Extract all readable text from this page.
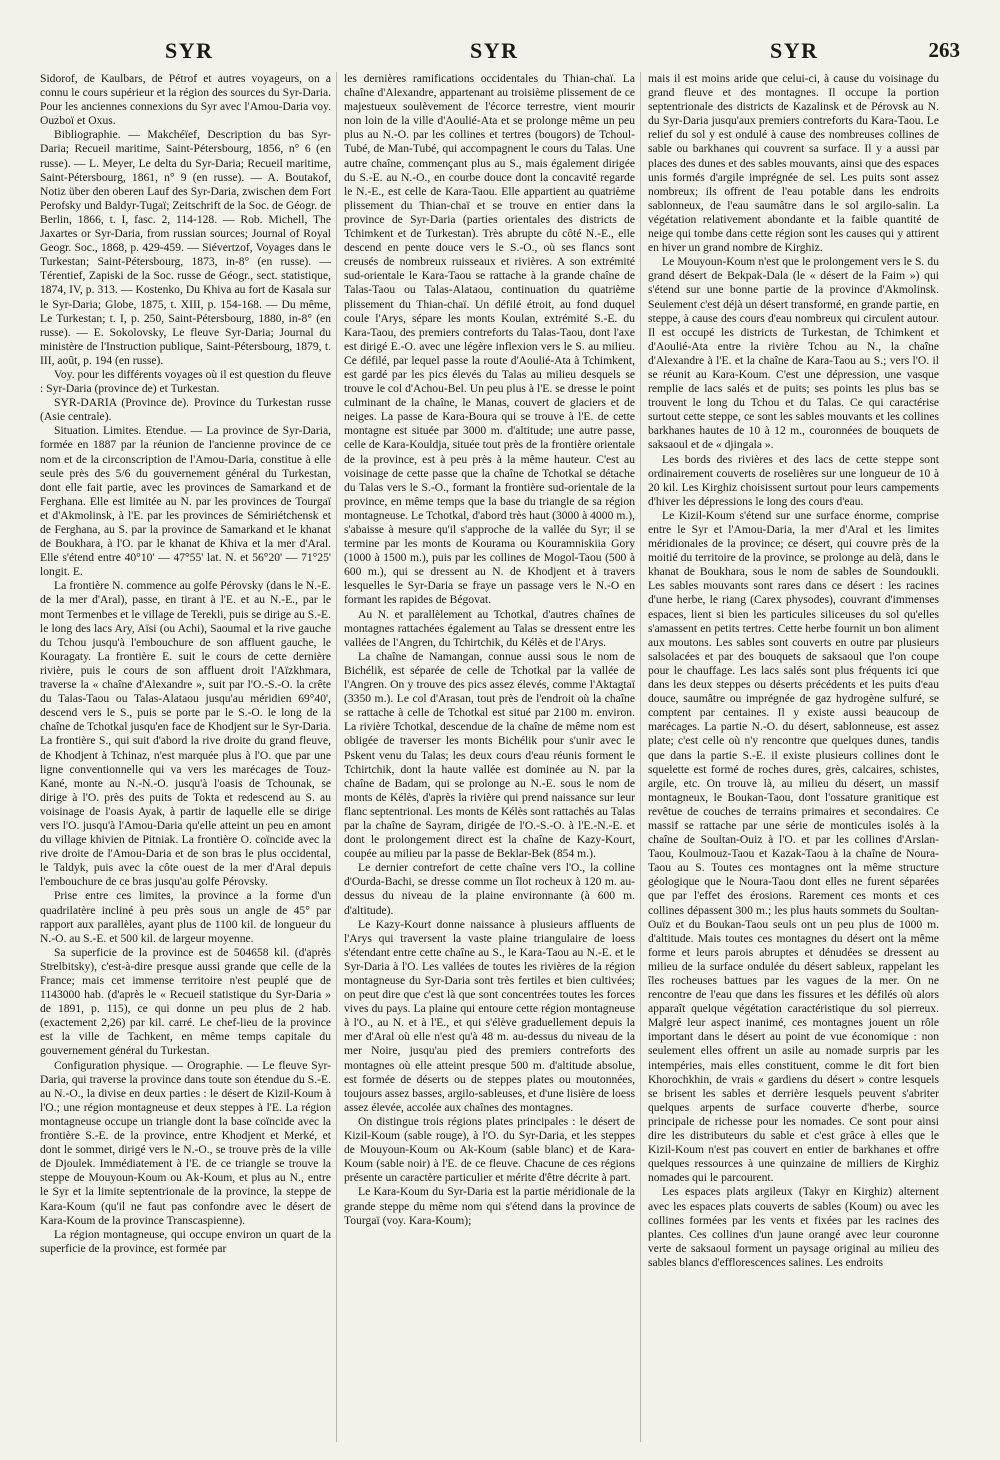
SYR	SYR	SYR	263

Sidorof, de Kaulbars, de Pétrof et autres voyageurs, on a connu le cours supérieur et la région des sources du Syr-Daria. Pour les anciennes connexions du Syr avec l'Amou-Daria voy. Ouzboï et Oxus.

Bibliographie. — Makchéïef, Description du bas Syr-Daria; Recueil maritime, Saint-Pétersbourg, 1856, n° 6 (en russe). — L. Meyer, Le delta du Syr-Daria; Recueil maritime, Saint-Pétersbourg, 1861, n° 9 (en russe). — A. Boutakof, Notiz über den oberen Lauf des Syr-Daria, zwischen dem Fort Perofsky und Baldyr-Tugaï; Zeitschrift de la Soc. de Géogr. de Berlin, 1866, t. I, fasc. 2, 114-128. — Rob. Michell, The Jaxartes or Syr-Daria, from russian sources; Journal of Royal Geogr. Soc., 1868, p. 429-459. — Siévertzof, Voyages dans le Turkestan; Saint-Pétersbourg, 1873, in-8° (en russe). — Térentief, Zapiski de la Soc. russe de Géogr., sect. statistique, 1874, IV, p. 313. — Kostenko, Du Khiva au fort de Kasala sur le Syr-Daria; Globe, 1875, t. XIII, p. 154-168. — Du même, Le Turkestan; t. I, p. 250, Saint-Pétersbourg, 1880, in-8° (en russe). — E. Sokolovsky, Le fleuve Syr-Daria; Journal du ministère de l'Instruction publique, Saint-Pétersbourg, 1879, t. III, août, p. 194 (en russe).

Voy. pour les différents voyages où il est question du fleuve : Syr-Daria (province de) et Turkestan.

SYR-DARIA (Province de). Province du Turkestan russe (Asie centrale).

Situation. Limites. Etendue. — La province de Syr-Daria, formée en 1887 par la réunion de l'ancienne province de ce nom et de la circonscription de l'Amou-Daria, constitue à elle seule près des 5/6 du gouvernement général du Turkestan, dont elle fait partie, avec les provinces de Samarkand et de Ferghana. Elle est limitée au N. par les provinces de Tourgaï et d'Akmolinsk, à l'E. par les provinces de Sémiriétchensk et de Ferghana, au S. par la province de Samarkand et le khanat de Boukhara, à l'O. par le khanat de Khiva et la mer d'Aral. Elle s'étend entre 40°10' — 47°55' lat. N. et 56°20' — 71°25' longit. E.

La frontière N. commence au golfe Pérovsky (dans le N.-E. de la mer d'Aral), passe, en tirant à l'E. et au N.-E., par le mont Termenbes et le village de Terekli, puis se dirige au S.-E. le long des lacs Ary, Aïsi (ou Achi), Saoumal et la rive gauche du Tchou jusqu'à l'embouchure de son affluent gauche, le Kouragaty. La frontière E. suit le cours de cette dernière rivière, puis le cours de son affluent droit l'Aïzkhmara, traverse la « chaîne d'Alexandre », suit par l'O.-S.-O. la crête du Talas-Taou ou Talas-Alataou jusqu'au méridien 69°40', descend vers le S., puis se porte par le S.-O. le long de la chaîne de Tchotkal jusqu'en face de Khodjent sur le Syr-Daria. La frontière S., qui suit d'abord la rive droite du grand fleuve, de Khodjent à Tchinaz, n'est marquée plus à l'O. que par une ligne conventionnelle qui va vers les marécages de Touz-Kané, monte au N.-N.-O. jusqu'à l'oasis de Tchounak, se dirige à l'O. près des puits de Tokta et redescend au S. au voisinage de l'oasis Ayak, à partir de laquelle elle se dirige vers l'O. jusqu'à l'Amou-Daria qu'elle atteint un peu en amont du village khivien de Pitniak. La frontière O. coïncide avec la rive droite de l'Amou-Daria et de son bras le plus occidental, le Taldyk, puis avec la côte ouest de la mer d'Aral depuis l'embouchure de ce bras jusqu'au golfe Pérovsky.

Prise entre ces limites, la province a la forme d'un quadrilatère incliné à peu près sous un angle de 45° par rapport aux parallèles, ayant plus de 1100 kil. de longueur du N.-O. au S.-E. et 500 kil. de largeur moyenne.

Sa superficie de la province est de 504658 kil. (d'après Strelbitsky), c'est-à-dire presque aussi grande que celle de la France; mais cet immense territoire n'est peuplé que de 1143000 hab. (d'après le « Recueil statistique du Syr-Daria » de 1891, p. 115), ce qui donne un peu plus de 2 hab. (exactement 2,26) par kil. carré. Le chef-lieu de la province est la ville de Tachkent, en même temps capitale du gouvernement général du Turkestan.

Configuration physique. — Orographie. — Le fleuve Syr-Daria, qui traverse la province dans toute son étendue du S.-E. au N.-O., la divise en deux parties : le désert de Kizil-Koum à l'O.; une région montagneuse et deux steppes à l'E. La région montagneuse occupe un triangle dont la base coïncide avec la frontière S.-E. de la province, entre Khodjent et Merké, et dont le sommet, dirigé vers le N.-O., se trouve près de la ville de Djoulek. Immédiatement à l'E. de ce triangle se trouve la steppe de Mouyoun-Koum ou Ak-Koum, et plus au N., entre le Syr et la limite septentrionale de la province, la steppe de Kara-Koum (qu'il ne faut pas confondre avec le désert de Kara-Koum de la province Transcaspienne).

La région montagneuse, qui occupe environ un quart de la superficie de la province, est formée par

les dernières ramifications occidentales du Thian-chaï. La chaîne d'Alexandre, appartenant au troisième plissement de ce majestueux soulèvement de l'écorce terrestre, vient mourir non loin de la ville d'Aoulié-Ata et se prolonge même un peu plus au N.-O. par les collines et tertres (bougors) de Tchoul-Tubé, de Man-Tubé, qui accompagnent le cours du Talas. Une autre chaîne, commençant plus au S., mais également dirigée du S.-E. au N.-O., en courbe douce dont la concavité regarde le N.-E., est celle de Kara-Taou. Elle appartient au quatrième plissement du Thian-chaï et se trouve en entier dans la province de Syr-Daria (parties orientales des districts de Tchimkent et de Turkestan). Très abrupte du côté N.-E., elle descend en pente douce vers le S.-O., où ses flancs sont creusés de nombreux ruisseaux et rivières. A son extrémité sud-orientale le Kara-Taou se rattache à la grande chaîne de Talas-Taou ou Talas-Alataou, continuation du quatrième plissement du Thian-chaï. Un défilé étroit, au fond duquel coule l'Arys, sépare les monts Koulan, extrémité S.-E. du Kara-Taou, des premiers contreforts du Talas-Taou, dont l'axe est dirigé E.-O. avec une légère inflexion vers le S. au milieu. Ce défilé, par lequel passe la route d'Aoulié-Ata à Tchimkent, est gardé par les pics élevés du Talas au milieu desquels se trouve le col d'Achou-Bel. Un peu plus à l'E. se dresse le point culminant de la chaîne, le Manas, couvert de glaciers et de neiges. La passe de Kara-Boura qui se trouve à l'E. de cette montagne est située par 3000 m. d'altitude; une autre passe, celle de Kara-Kouldja, située tout près de la frontière orientale de la province, est à peu près à la même hauteur. C'est au voisinage de cette passe que la chaîne de Tchotkal se détache du Talas vers le S.-O., formant la frontière sud-orientale de la province, en même temps que la base du triangle de sa région montagneuse. Le Tchotkal, d'abord très haut (3000 à 4000 m.), s'abaisse à mesure qu'il s'approche de la vallée du Syr; il se termine par les monts de Kourama ou Kouramniskiia Gory (1000 à 1500 m.), puis par les collines de Mogol-Taou (500 à 600 m.), qui se dressent au N. de Khodjent et à travers lesquelles le Syr-Daria se fraye un passage vers le N.-O en formant les rapides de Bégovat.

Au N. et parallèlement au Tchotkal, d'autres chaînes de montagnes rattachées également au Talas se dressent entre les vallées de l'Angren, du Tchirtchik, du Kélès et de l'Arys.

La chaîne de Namangan, connue aussi sous le nom de Bichélik, est séparée de celle de Tchotkal par la vallée de l'Angren. On y trouve des pics assez élevés, comme l'Aktagtaï (3350 m.). Le col d'Arasan, tout près de l'endroit où la chaîne se rattache à celle de Tchotkal est situé par 2100 m. environ. La rivière Tchotkal, descendue de la chaîne de même nom est obligée de traverser les monts Bichélik pour s'unir avec le Pskent venu du Talas; les deux cours d'eau réunis forment le Tchirtchik, dont la haute vallée est dominée au N. par la chaîne de Badam, qui se prolonge au N.-E. sous le nom de monts de Kélès, d'après la rivière qui prend naissance sur leur flanc septentrional. Les monts de Kélès sont rattachés au Talas par la chaîne de Sayram, dirigée de l'O.-S.-O. à l'E.-N.-E. et dont le prolongement direct est la chaîne de Kazy-Kourt, coupée au milieu par la passe de Beklar-Bek (854 m.).

Le dernier contrefort de cette chaîne vers l'O., la colline d'Ourda-Bachi, se dresse comme un îlot rocheux à 120 m. au-dessus du niveau de la plaine environnante (à 600 m. d'altitude).

Le Kazy-Kourt donne naissance à plusieurs affluents de l'Arys qui traversent la vaste plaine triangulaire de loess s'étendant entre cette chaîne au S., le Kara-Taou au N.-E. et le Syr-Daria à l'O. Les vallées de toutes les rivières de la région montagneuse du Syr-Daria sont très fertiles et bien cultivées; on peut dire que c'est là que sont concentrées toutes les forces vives du pays. La plaine qui entoure cette région montagneuse à l'O., au N. et à l'E., et qui s'élève graduellement depuis la mer d'Aral où elle n'est qu'à 48 m. au-dessus du niveau de la mer Noire, jusqu'au pied des premiers contreforts des montagnes où elle atteint presque 500 m. d'altitude absolue, est formée de déserts ou de steppes plates ou moutonnées, toujours assez basses, argilo-sableuses, et d'une lisière de loess assez élevée, accolée aux chaînes des montagnes.

On distingue trois régions plates principales : le désert de Kizil-Koum (sable rouge), à l'O. du Syr-Daria, et les steppes de Mouyoun-Koum ou Ak-Koum (sable blanc) et de Kara-Koum (sable noir) à l'E. de ce fleuve. Chacune de ces régions présente un caractère particulier et mérite d'être décrite à part.

Le Kara-Koum du Syr-Daria est la partie méridionale de la grande steppe du même nom qui s'étend dans la province de Tourgaï (voy. Kara-Koum);

mais il est moins aride que celui-ci, à cause du voisinage du grand fleuve et des montagnes. Il occupe la portion septentrionale des districts de Kazalinsk et de Pérovsk au N. du Syr-Daria jusqu'aux premiers contreforts du Kara-Taou. Le relief du sol y est ondulé à cause des nombreuses collines de sable ou barkhanes qui couvrent sa surface. Il y a aussi par places des dunes et des sables mouvants, ainsi que des espaces unis formés d'argile imprégnée de sel. Les puits sont assez nombreux; ils offrent de l'eau potable dans les endroits sablonneux, de l'eau saumâtre dans le sol argilo-salin. La végétation relativement abondante et la faible quantité de neige qui tombe dans cette région sont les causes qui y attirent en hiver un grand nombre de Kirghiz.

Le Mouyoun-Koum n'est que le prolongement vers le S. du grand désert de Bekpak-Dala (le « désert de la Faim ») qui s'étend sur une bonne partie de la province d'Akmolinsk. Seulement c'est déjà un désert transformé, en grande partie, en steppe, à cause des cours d'eau nombreux qui circulent autour. Il est occupé les districts de Turkestan, de Tchimkent et d'Aoulié-Ata entre la rivière Tchou au N., la chaîne d'Alexandre à l'E. et la chaîne de Kara-Taou au S.; vers l'O. il se réunit au Kara-Koum. C'est une dépression, une vasque remplie de lacs salés et de puits; ses points les plus bas se trouvent le long du Tchou et du Talas. Ce qui caractérise surtout cette steppe, ce sont les sables mouvants et les collines barkhanes hautes de 10 à 12 m., couronnées de bouquets de saksaoul et de « djingala ».

Les bords des rivières et des lacs de cette steppe sont ordinairement couverts de roselières sur une longueur de 10 à 20 kil. Les Kirghiz choisissent surtout pour leurs campements d'hiver les dépressions le long des cours d'eau.

Le Kizil-Koum s'étend sur une surface énorme, comprise entre le Syr et l'Amou-Daria, la mer d'Aral et les limites méridionales de la province; ce désert, qui couvre près de la moitié du territoire de la province, se prolonge au delà, dans le khanat de Boukhara, sous le nom de sables de Soundoukli. Les sables mouvants sont rares dans ce désert : les racines d'une herbe, le riang (Carex physodes), couvrant d'immenses espaces, lient si bien les particules siliceuses du sol qu'elles s'amassent en petits tertres. Cette herbe fournit un bon aliment aux moutons. Les sables sont couverts en outre par plusieurs salsolacées et par des bouquets de saksaoul que l'on coupe pour le chauffage. Les lacs salés sont plus fréquents ici que dans les deux steppes ou déserts précédents et les puits d'eau douce, saumâtre ou imprégnée de gaz hydrogène sulfuré, se comptent par centaines. Il y existe aussi beaucoup de marécages. La partie N.-O. du désert, sablonneuse, est assez plate; c'est celle où n'y rencontre que quelques dunes, tandis que dans la partie S.-E. il existe plusieurs collines dont le squelette est formé de roches dures, grès, calcaires, schistes, argile, etc. On trouve là, au milieu du désert, un massif montagneux, le Boukan-Taou, dont l'ossature granitique est revêtue de couches de terrains primaires et secondaires. Ce massif se rattache par une série de monticules isolés à la chaîne de Soultan-Ouiz à l'O. et par les collines d'Arslan-Taou, Koulmouz-Taou et Kazak-Taou à la chaîne de Noura-Taou au S. Toutes ces montagnes ont la même structure géologique que le Noura-Taou dont elles ne furent séparées que par l'effet des érosions. Rarement ces monts et ces collines dépassent 300 m.; les plus hauts sommets du Soultan-Ouïz et du Boukan-Taou seuls ont un peu plus de 1000 m. d'altitude. Mais toutes ces montagnes du désert ont la même forme et leurs parois abruptes et dénudées se dressent au milieu de la surface ondulée du désert sableux, rappelant les îles rocheuses battues par les vagues de la mer. On ne rencontre de l'eau que dans les fissures et les défilés où alors apparaît quelque végétation caractéristique du sol pierreux. Malgré leur aspect inanimé, ces montagnes jouent un rôle important dans le désert au point de vue économique : non seulement elles offrent un asile au nomade surpris par les intempéries, mais elles constituent, comme le dit fort bien Khorochkhin, de vrais « gardiens du désert » contre lesquels se brisent les sables et derrière lesquels peuvent s'abriter quelques arpents de surface couverte d'herbe, source principale de richesse pour les nomades. Ce sont pour ainsi dire les distributeurs du sable et c'est grâce à elles que le Kizil-Koum n'est pas couvert en entier de barkhanes et offre quelques ressources à une quinzaine de milliers de Kirghiz nomades qui le parcourent.

Les espaces plats argileux (Takyr en Kirghiz) alternent avec les espaces plats couverts de sables (Koum) ou avec les collines formées par les vents et fixées par les racines des plantes. Ces collines d'un jaune orangé avec leur couronne verte de saksaoul forment un paysage original au milieu des sables blancs d'efflorescences salines. Les endroits
